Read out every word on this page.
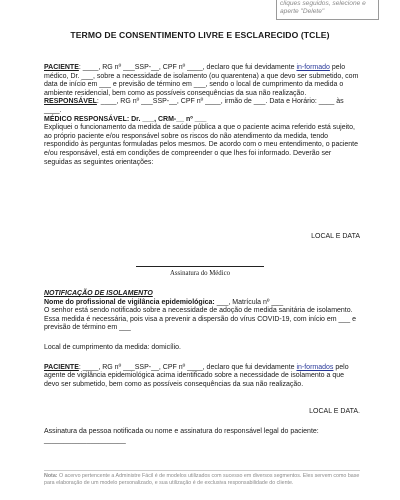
cliques seguidos, selecione e aperte "Delete"
TERMO DE CONSENTIMENTO LIVRE E ESCLARECIDO (TCLE)

PACIENTE: ____, RG nº ___SSP-__, CPF nº ____, declaro que fui devidamente in-formado pelo médico, Dr. ___, sobre a necessidade de isolamento (ou quarentena) a que devo ser submetido, com data de início em ___ e previsão de término em ___, sendo o local de cumprimento da medida o ambiente residencial, bem como as possíveis consequências da sua não realização.

RESPONSÁVEL: ____, RG nº ___SSP-__, CPF nº ____, irmão de ___. Data e Horário: ____ às ____.

MÉDICO RESPONSÁVEL: Dr. ___, CRM-__ nº ___

Expliquei o funcionamento da medida de saúde pública a que o paciente acima referido está sujeito, ao próprio paciente e/ou responsável sobre os riscos do não atendimento da medida, tendo respondido às perguntas formuladas pelos mesmos. De acordo com o meu entendimento, o paciente e/ou responsável, está em condições de compreender o que lhes foi informado. Deverão ser seguidas as seguintes orientações:

LOCAL E DATA
Assinatura do Médico

NOTIFICAÇÃO DE ISOLAMENTO

Nome do profissional de vigilância epidemiológica: ___, Matrícula nº ___

O senhor está sendo notificado sobre a necessidade de adoção de medida sanitária de isolamento. Essa medida é necessária, pois visa a prevenir a dispersão do vírus COVID-19, com início em ___ e previsão de término em ___

Local de cumprimento da medida: domicílio.

PACIENTE: ____, RG nº ___SSP-__, CPF nº ____, declaro que fui devidamente in-formados pelo agente de vigilância epidemiológica acima identificado sobre a necessidade de isolamento a que devo ser submetido, bem como as possíveis consequências da sua não realização.

LOCAL E DATA.
Assinatura da pessoa notificada ou nome e assinatura do responsável legal do paciente: _____________________
Nota: O acervo pertencente a Administre Fácil é de modelos utilizados com sucesso em diversos segmentos. Eles servem como base para elaboração de um modelo personalizado, e sua utilização é de exclusiva responsabilidade do cliente.
